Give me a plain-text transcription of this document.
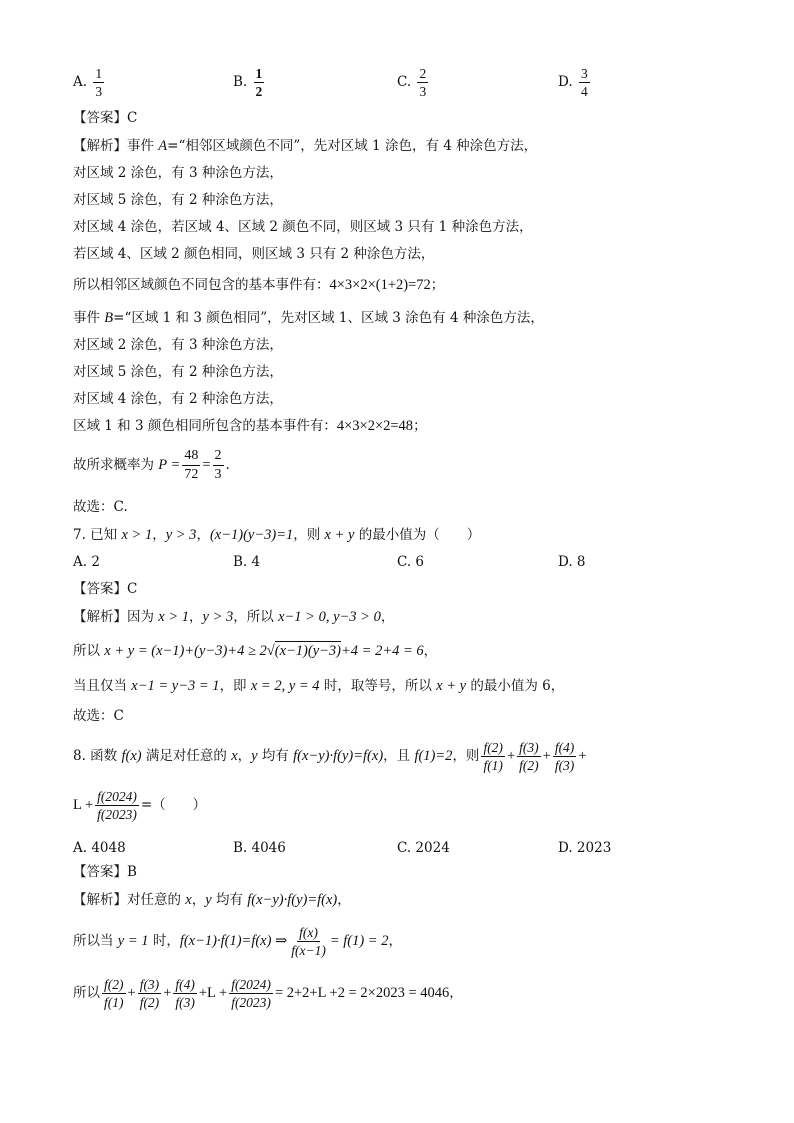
A. $\frac{1}{3}$	B. $\frac{1}{2}$	C. $\frac{2}{3}$	D. $\frac{3}{4}$
【答案】C
【解析】事件 A=“相邻区域颜色不同”，先对区域 1 涂色，有 4 种涂色方法，
对区域 2 涂色，有 3 种涂色方法，
对区域 5 涂色，有 2 种涂色方法，
对区域 4 涂色，若区域 4、区域 2 颜色不同，则区域 3 只有 1 种涂色方法，
若区域 4、区域 2 颜色相同，则区域 3 只有 2 种涂色方法，
所以相邻区域颜色不同包含的基本事件有：4×3×2×(1+2)=72；
事件 B=“区域 1 和 3 颜色相同”，先对区域 1、区域 3 涂色有 4 种涂色方法，
对区域 2 涂色，有 3 种涂色方法，
对区域 5 涂色，有 2 种涂色方法，
对区域 4 涂色，有 2 种涂色方法，
区域 1 和 3 颜色相同所包含的基本事件有：4×3×2×2=48；
故所求概率为 $P = \frac{48}{72} = \frac{2}{3}$ .
故选：C.
7. 已知 x > 1，y > 3，(x−1)(y−3)=1，则 x + y 的最小值为（　　）
A. 2	B. 4	C. 6	D. 8
【答案】C
【解析】因为 x > 1，y > 3，所以 x−1 > 0, y−3 > 0，
所以 x + y = (x−1)+(y−3)+4 ≥ 2√(x−1)(y−3)+4 = 2+4 = 6，
当且仅当 x−1 = y−3 = 1，即 x = 2, y = 4 时，取等号，所以 x + y 的最小值为 6，
故选：C
8. 函数 f(x) 满足对任意的 x，y 均有 f(x−y)·f(y)=f(x)，且 f(1)=2，则 $\frac{f(2)}{f(1)} + \frac{f(3)}{f(2)} + \frac{f(4)}{f(3)}$ +
$L + \frac{f(2024)}{f(2023)}$ =（　　）
A. 4048	B. 4046	C. 2024	D. 2023
【答案】B
【解析】对任意的 x，y 均有 f(x−y)·f(y)=f(x)，
所以当 y = 1 时，f(x−1)·f(1)=f(x) ⇒ $\frac{f(x)}{f(x-1)} = f(1) = 2$，
所以 $\frac{f(2)}{f(1)} + \frac{f(3)}{f(2)} + \frac{f(4)}{f(3)} +L + \frac{f(2024)}{f(2023)} = 2+2+L +2 = 2\times 2023 = 4046$，
